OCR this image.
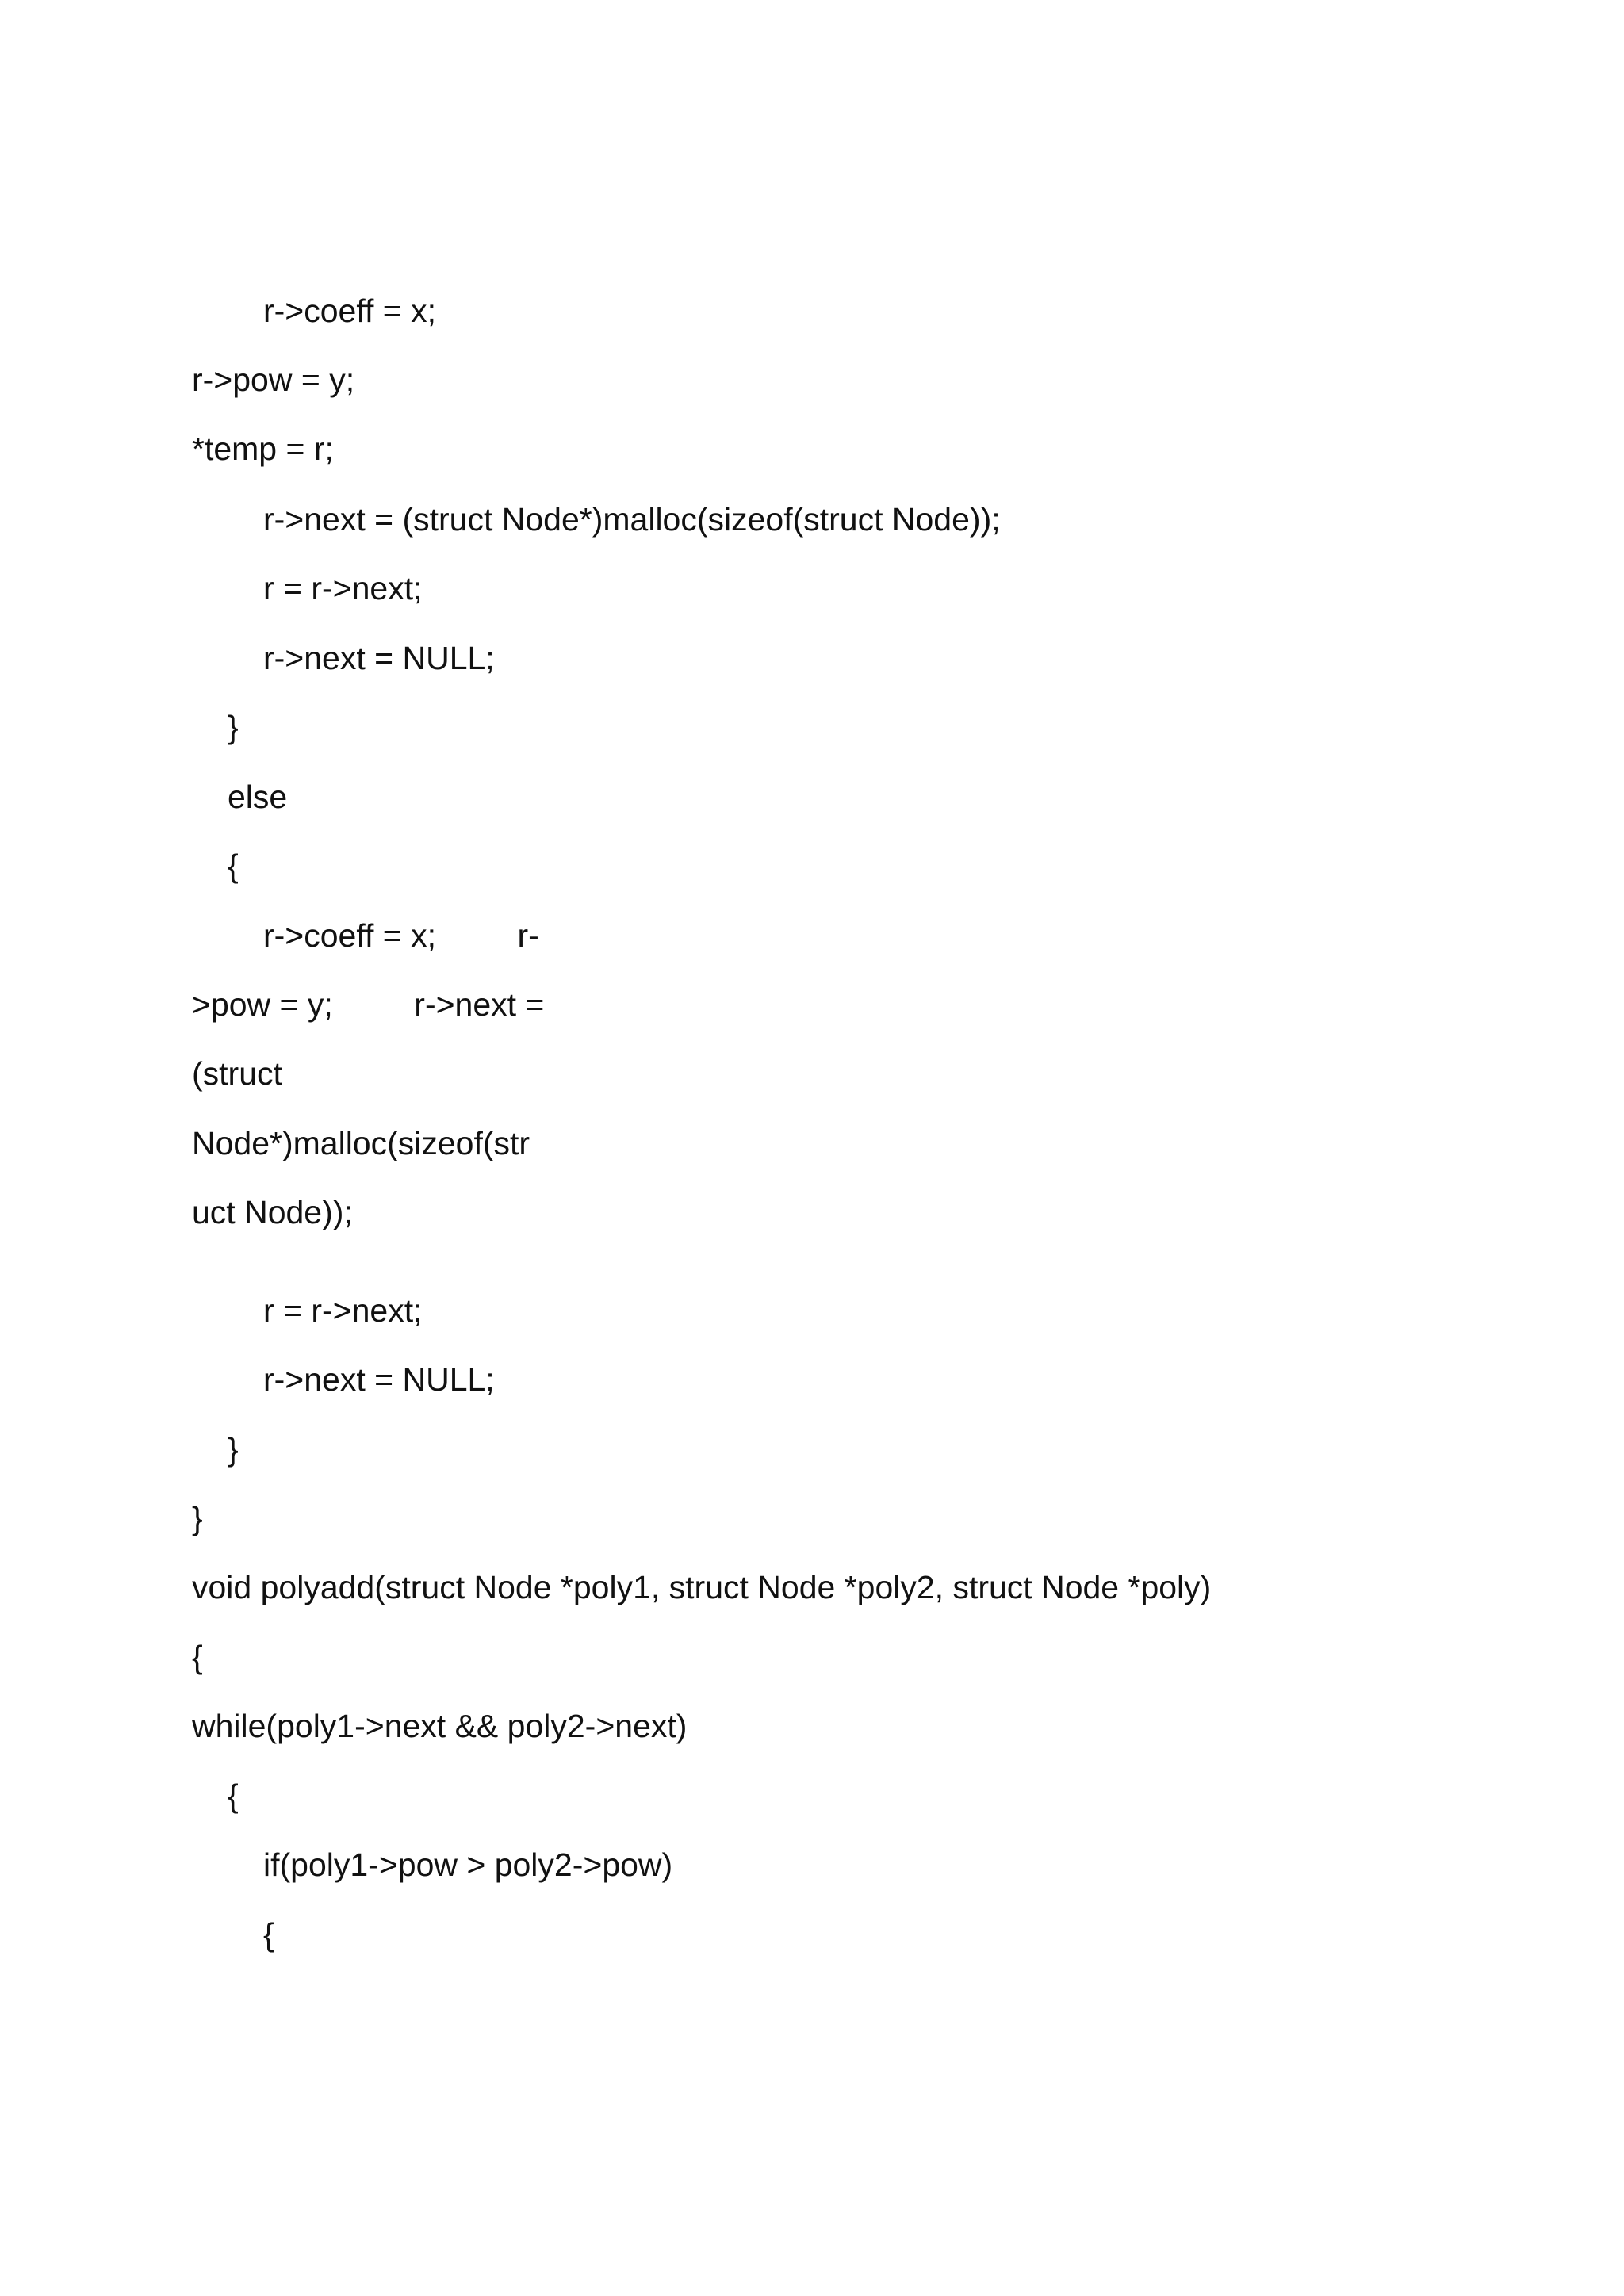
r->coeff = x;
r->pow = y;
*temp = r;
r->next = (struct Node*)malloc(sizeof(struct Node));
r = r->next;
r->next = NULL;
}
else
{
r->coeff = x;         r-
>pow = y;         r->next =
(struct
Node*)malloc(sizeof(str
uct Node));
r = r->next;
r->next = NULL;
}
}
void polyadd(struct Node *poly1, struct Node *poly2, struct Node *poly)
{
while(poly1->next && poly2->next)
{
if(poly1->pow > poly2->pow)
{
